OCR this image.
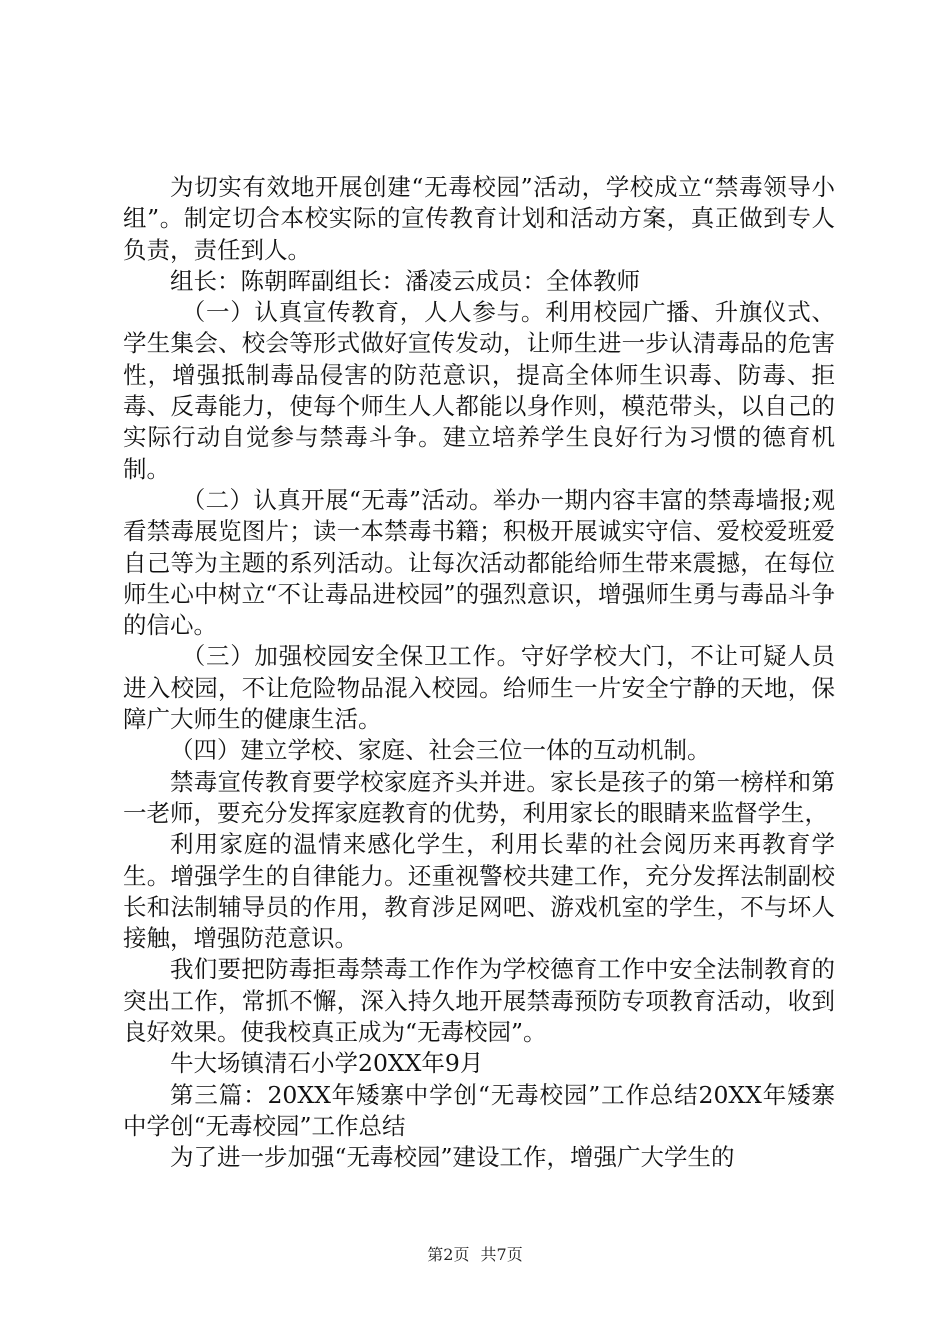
为切实有效地开展创建“无毒校园”活动，学校成立“禁毒领导小组”。制定切合本校实际的宣传教育计划和活动方案，真正做到专人负责，责任到人。

组长：陈朝晖副组长：潘凌云成员：全体教师

（一）认真宣传教育，人人参与。利用校园广播、升旗仪式、学生集会、校会等形式做好宣传发动，让师生进一步认清毒品的危害性，增强抵制毒品侵害的防范意识，提高全体师生识毒、防毒、拒毒、反毒能力，使每个师生人人都能以身作则，模范带头，以自己的实际行动自觉参与禁毒斗争。建立培养学生良好行为习惯的德育机制。

（二）认真开展“无毒”活动。举办一期内容丰富的禁毒墙报;观看禁毒展览图片；读一本禁毒书籍；积极开展诚实守信、爱校爱班爱自己等为主题的系列活动。让每次活动都能给师生带来震撼，在每位师生心中树立“不让毒品进校园”的强烈意识，增强师生勇与毒品斗争的信心。

（三）加强校园安全保卫工作。守好学校大门，不让可疑人员进入校园，不让危险物品混入校园。给师生一片安全宁静的天地，保障广大师生的健康生活。

（四）建立学校、家庭、社会三位一体的互动机制。

禁毒宣传教育要学校家庭齐头并进。家长是孩子的第一榜样和第一老师，要充分发挥家庭教育的优势，利用家长的眼睛来监督学生，

利用家庭的温情来感化学生，利用长辈的社会阅历来再教育学生。增强学生的自律能力。还重视警校共建工作，充分发挥法制副校长和法制辅导员的作用，教育涉足网吧、游戏机室的学生，不与坏人接触，增强防范意识。

我们要把防毒拒毒禁毒工作作为学校德育工作中安全法制教育的突出工作，常抓不懈，深入持久地开展禁毒预防专项教育活动，收到良好效果。使我校真正成为“无毒校园”。

牛大场镇清石小学20XX年9月

第三篇：20XX年矮寨中学创“无毒校园”工作总结20XX年矮寨中学创“无毒校园”工作总结

为了进一步加强“无毒校园”建设工作，增强广大学生的

第2页 共7页
